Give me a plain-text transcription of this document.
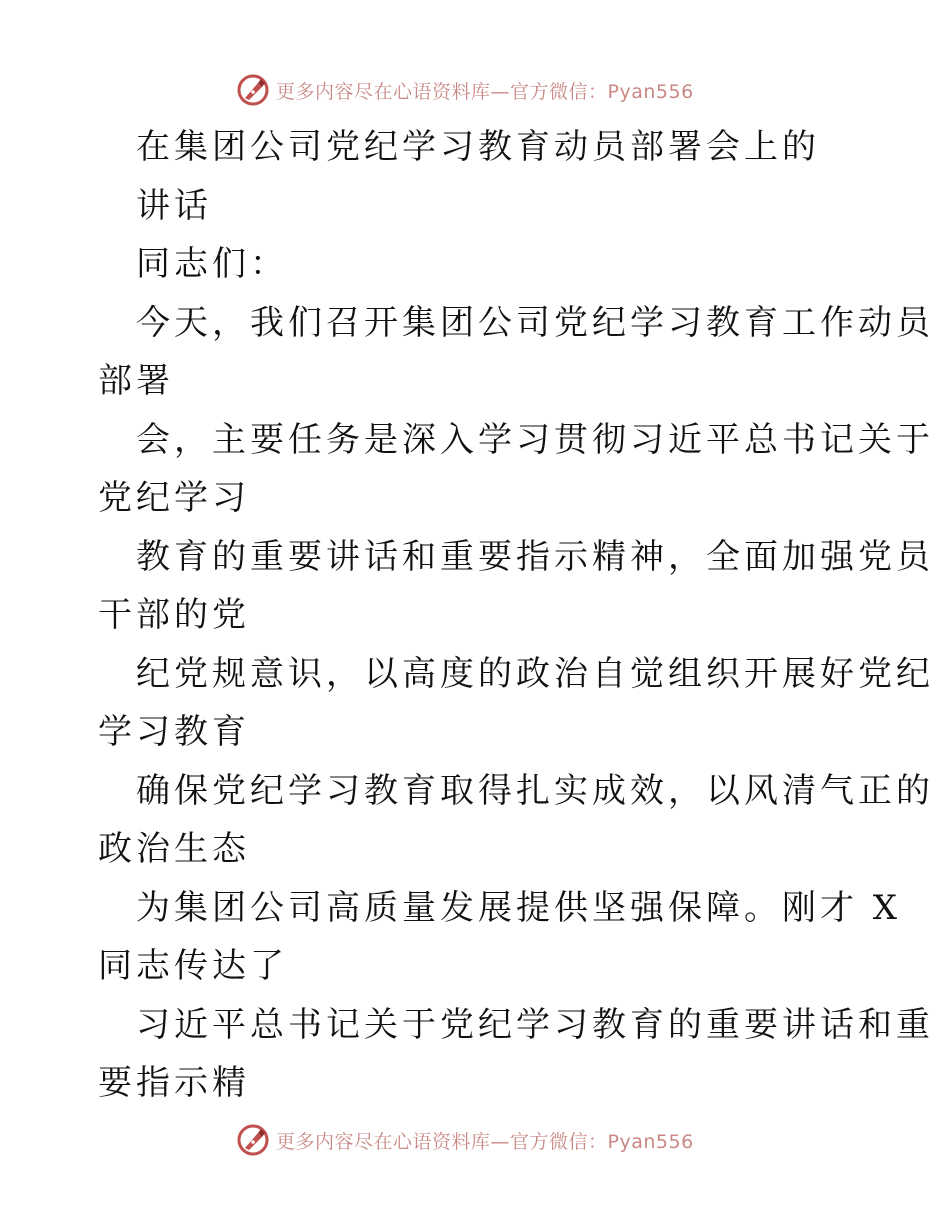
更多内容尽在心语资料库—官方微信：Pyan556
在集团公司党纪学习教育动员部署会上的
讲话
同志们：
今天，我们召开集团公司党纪学习教育工作动员
部署
会，主要任务是深入学习贯彻习近平总书记关于
党纪学习
教育的重要讲话和重要指示精神，全面加强党员
干部的党
纪党规意识，以高度的政治自觉组织开展好党纪
学习教育
确保党纪学习教育取得扎实成效，以风清气正的
政治生态
为集团公司高质量发展提供坚强保障。刚才 X
同志传达了
习近平总书记关于党纪学习教育的重要讲话和重
要指示精
更多内容尽在心语资料库—官方微信：Pyan556
